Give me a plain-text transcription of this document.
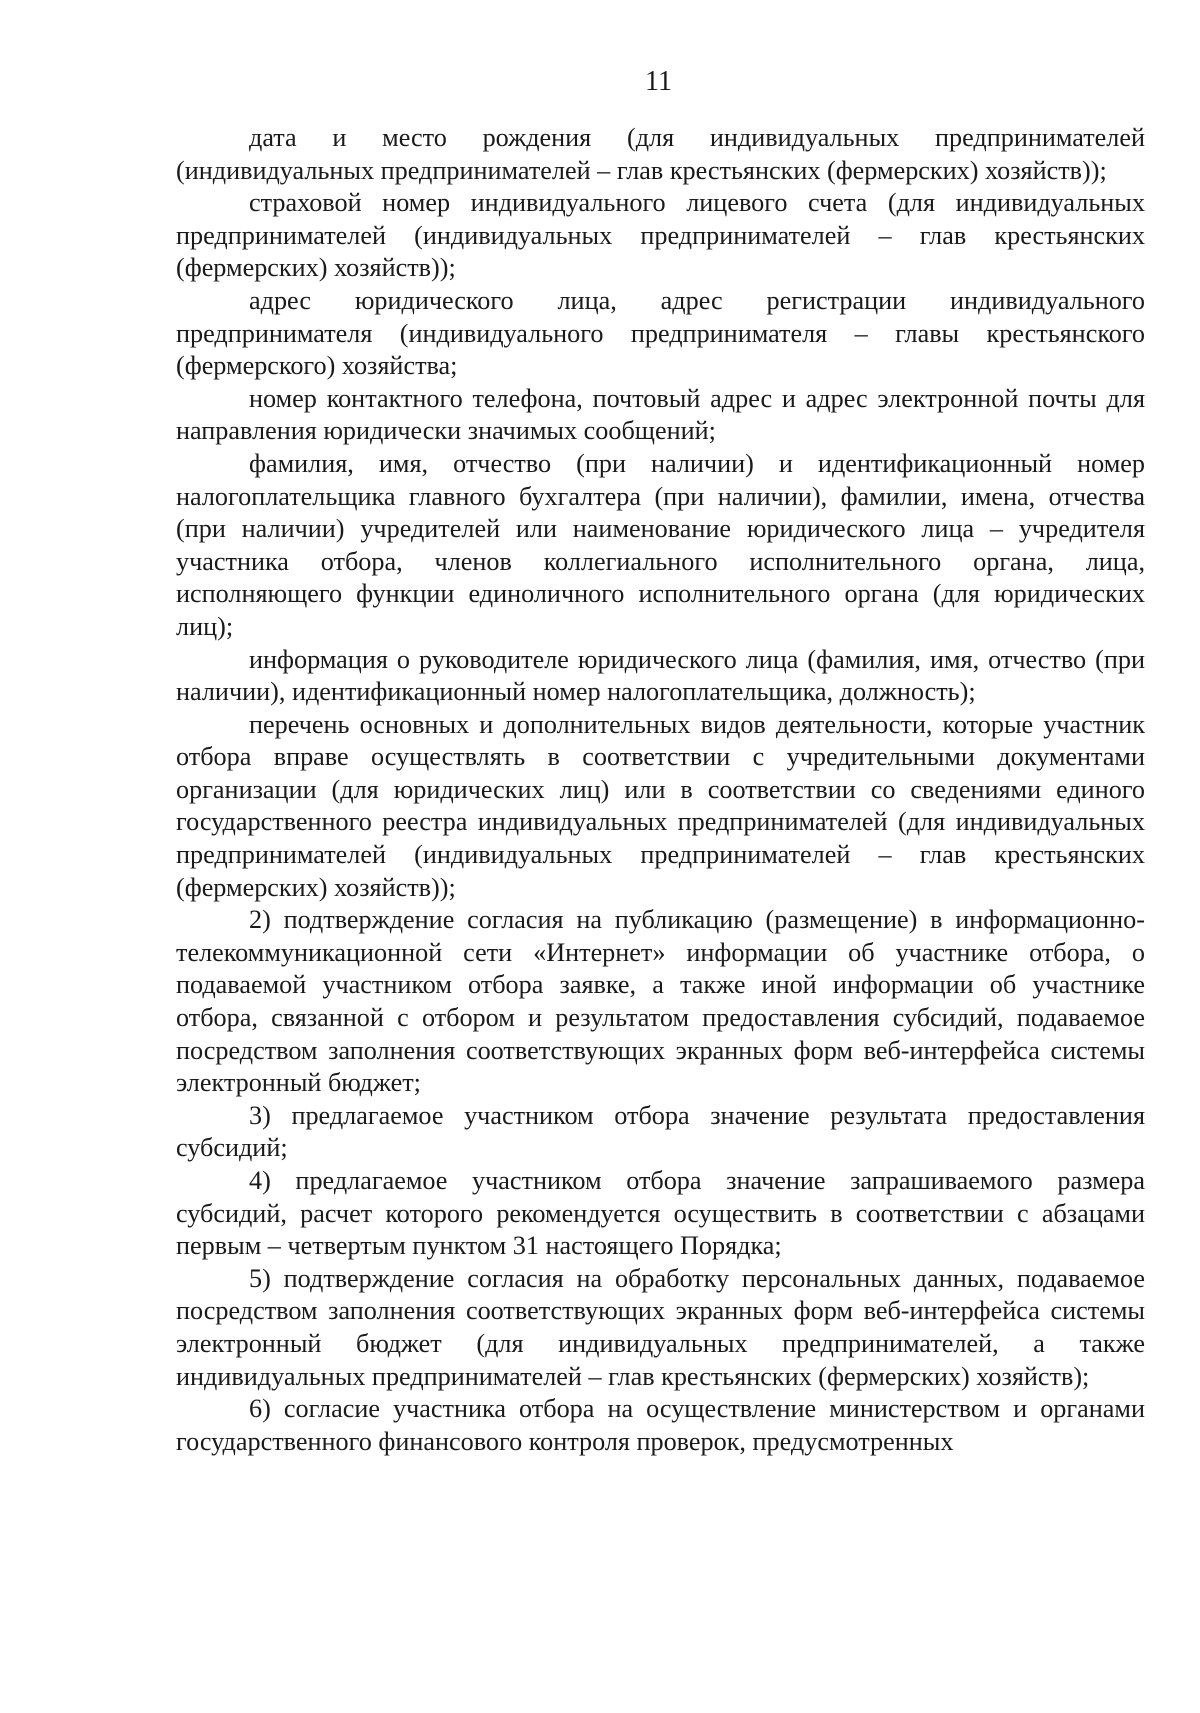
11

дата и место рождения (для индивидуальных предпринимателей (индивидуальных предпринимателей – глав крестьянских (фермерских) хозяйств));

страховой номер индивидуального лицевого счета (для индивидуальных предпринимателей (индивидуальных предпринимателей – глав крестьянских (фермерских) хозяйств));

адрес юридического лица, адрес регистрации индивидуального предпринимателя (индивидуального предпринимателя – главы крестьянского (фермерского) хозяйства;

номер контактного телефона, почтовый адрес и адрес электронной почты для направления юридически значимых сообщений;

фамилия, имя, отчество (при наличии) и идентификационный номер налогоплательщика главного бухгалтера (при наличии), фамилии, имена, отчества (при наличии) учредителей или наименование юридического лица – учредителя участника отбора, членов коллегиального исполнительного органа, лица, исполняющего функции единоличного исполнительного органа (для юридических лиц);

информация о руководителе юридического лица (фамилия, имя, отчество (при наличии), идентификационный номер налогоплательщика, должность);

перечень основных и дополнительных видов деятельности, которые участник отбора вправе осуществлять в соответствии с учредительными документами организации (для юридических лиц) или в соответствии со сведениями единого государственного реестра индивидуальных предпринимателей (для индивидуальных предпринимателей (индивидуальных предпринимателей – глав крестьянских (фермерских) хозяйств));

2) подтверждение согласия на публикацию (размещение) в информационно-телекоммуникационной сети «Интернет» информации об участнике отбора, о подаваемой участником отбора заявке, а также иной информации об участнике отбора, связанной с отбором и результатом предоставления субсидий, подаваемое посредством заполнения соответствующих экранных форм веб-интерфейса системы электронный бюджет;

3) предлагаемое участником отбора значение результата предоставления субсидий;

4) предлагаемое участником отбора значение запрашиваемого размера субсидий, расчет которого рекомендуется осуществить в соответствии с абзацами первым – четвертым пунктом 31 настоящего Порядка;

5) подтверждение согласия на обработку персональных данных, подаваемое посредством заполнения соответствующих экранных форм веб-интерфейса системы электронный бюджет (для индивидуальных предпринимателей, а также индивидуальных предпринимателей – глав крестьянских (фермерских) хозяйств);

6) согласие участника отбора на осуществление министерством и органами государственного финансового контроля проверок, предусмотренных
